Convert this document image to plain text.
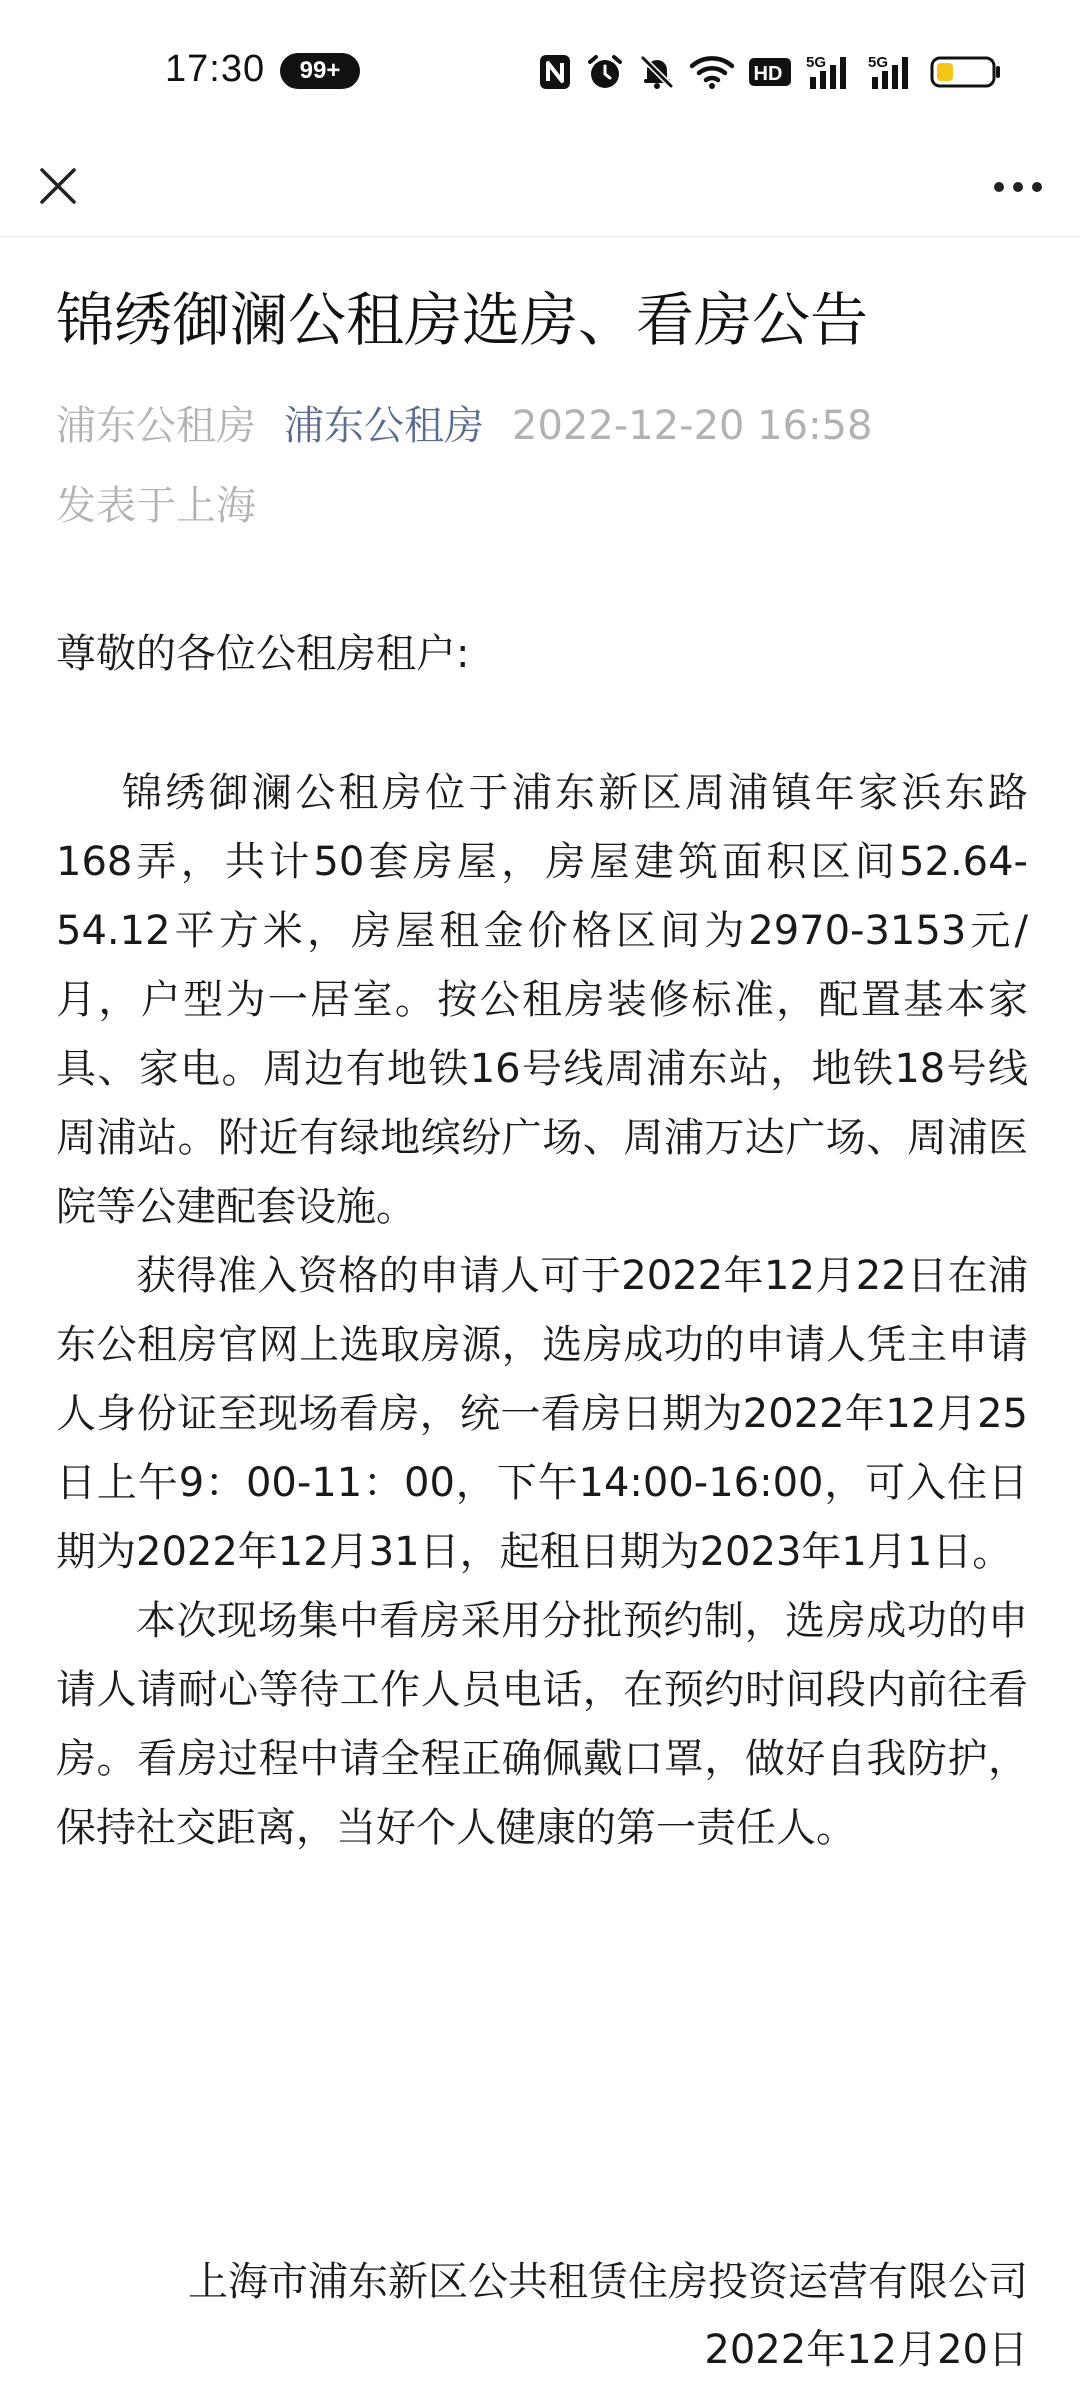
17:30	99+	HD
5G	5G
锦绣御澜公租房选房、看房公告
浦东公租房 浦东公租房 2022-12-20 16:58
发表于上海

尊敬的各位公租房租户:

锦绣御澜公租房位于浦东新区周浦镇年家浜东路168弄，共计50套房屋，房屋建筑面积区间52.64-54.12平方米，房屋租金价格区间为2970-3153元/月，户型为一居室。按公租房装修标准，配置基本家具、家电。周边有地铁16号线周浦东站，地铁18号线周浦站。附近有绿地缤纷广场、周浦万达广场、周浦医院等公建配套设施。

获得准入资格的申请人可于2022年12月22日在浦东公租房官网上选取房源，选房成功的申请人凭主申请人身份证至现场看房，统一看房日期为2022年12月25日上午9：00-11：00，下午14:00-16:00，可入住日期为2022年12月31日，起租日期为2023年1月1日。

本次现场集中看房采用分批预约制，选房成功的申请人请耐心等待工作人员电话，在预约时间段内前往看房。看房过程中请全程正确佩戴口罩，做好自我防护，保持社交距离，当好个人健康的第一责任人。

上海市浦东新区公共租赁住房投资运营有限公司
2022年12月20日
